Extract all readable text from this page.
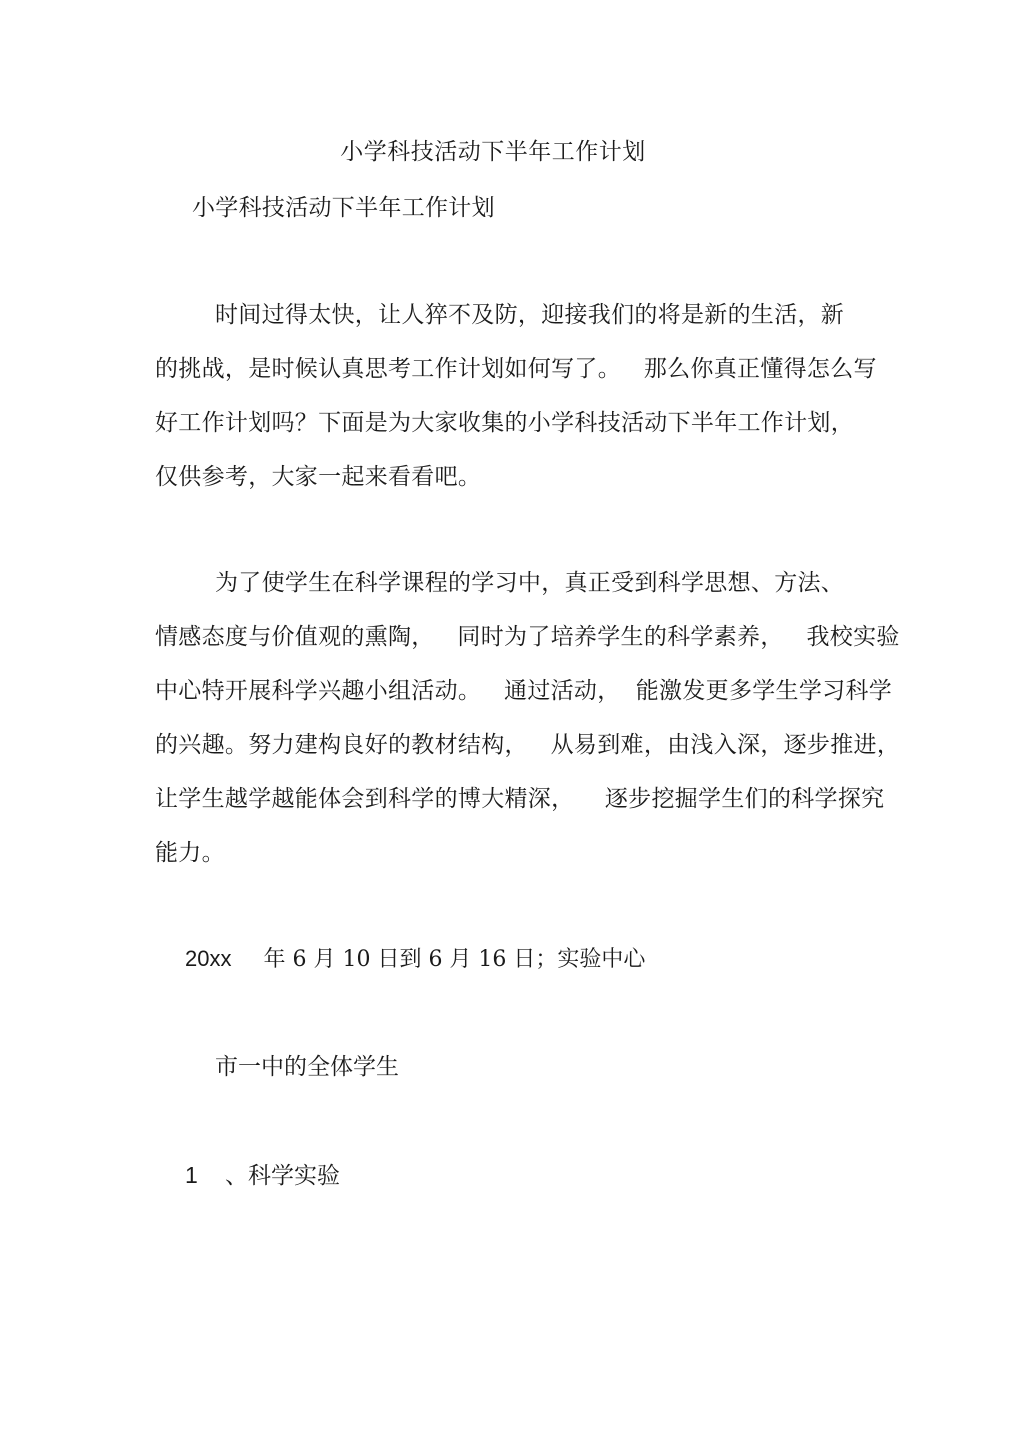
小学科技活动下半年工作计划
小学科技活动下半年工作计划
时间过得太快，让人猝不及防，迎接我们的将是新的生活，新
的挑战，是时候认真思考工作计划如何写了。   那么你真正懂得怎么写
好工作计划吗？下面是为大家收集的小学科技活动下半年工作计划，
仅供参考，大家一起来看看吧。
为了使学生在科学课程的学习中，真正受到科学思想、方法、
情感态度与价值观的熏陶，   同时为了培养学生的科学素养，   我校实验
中心特开展科学兴趣小组活动。   通过活动，  能激发更多学生学习科学
的兴趣。努力建构良好的教材结构，   从易到难，由浅入深，逐步推进，
让学生越学越能体会到科学的博大精深，    逐步挖掘学生们的科学探究
能力。
20xx 年 6 月 10 日到 6 月 16 日；实验中心
市一中的全体学生
1 、科学实验
